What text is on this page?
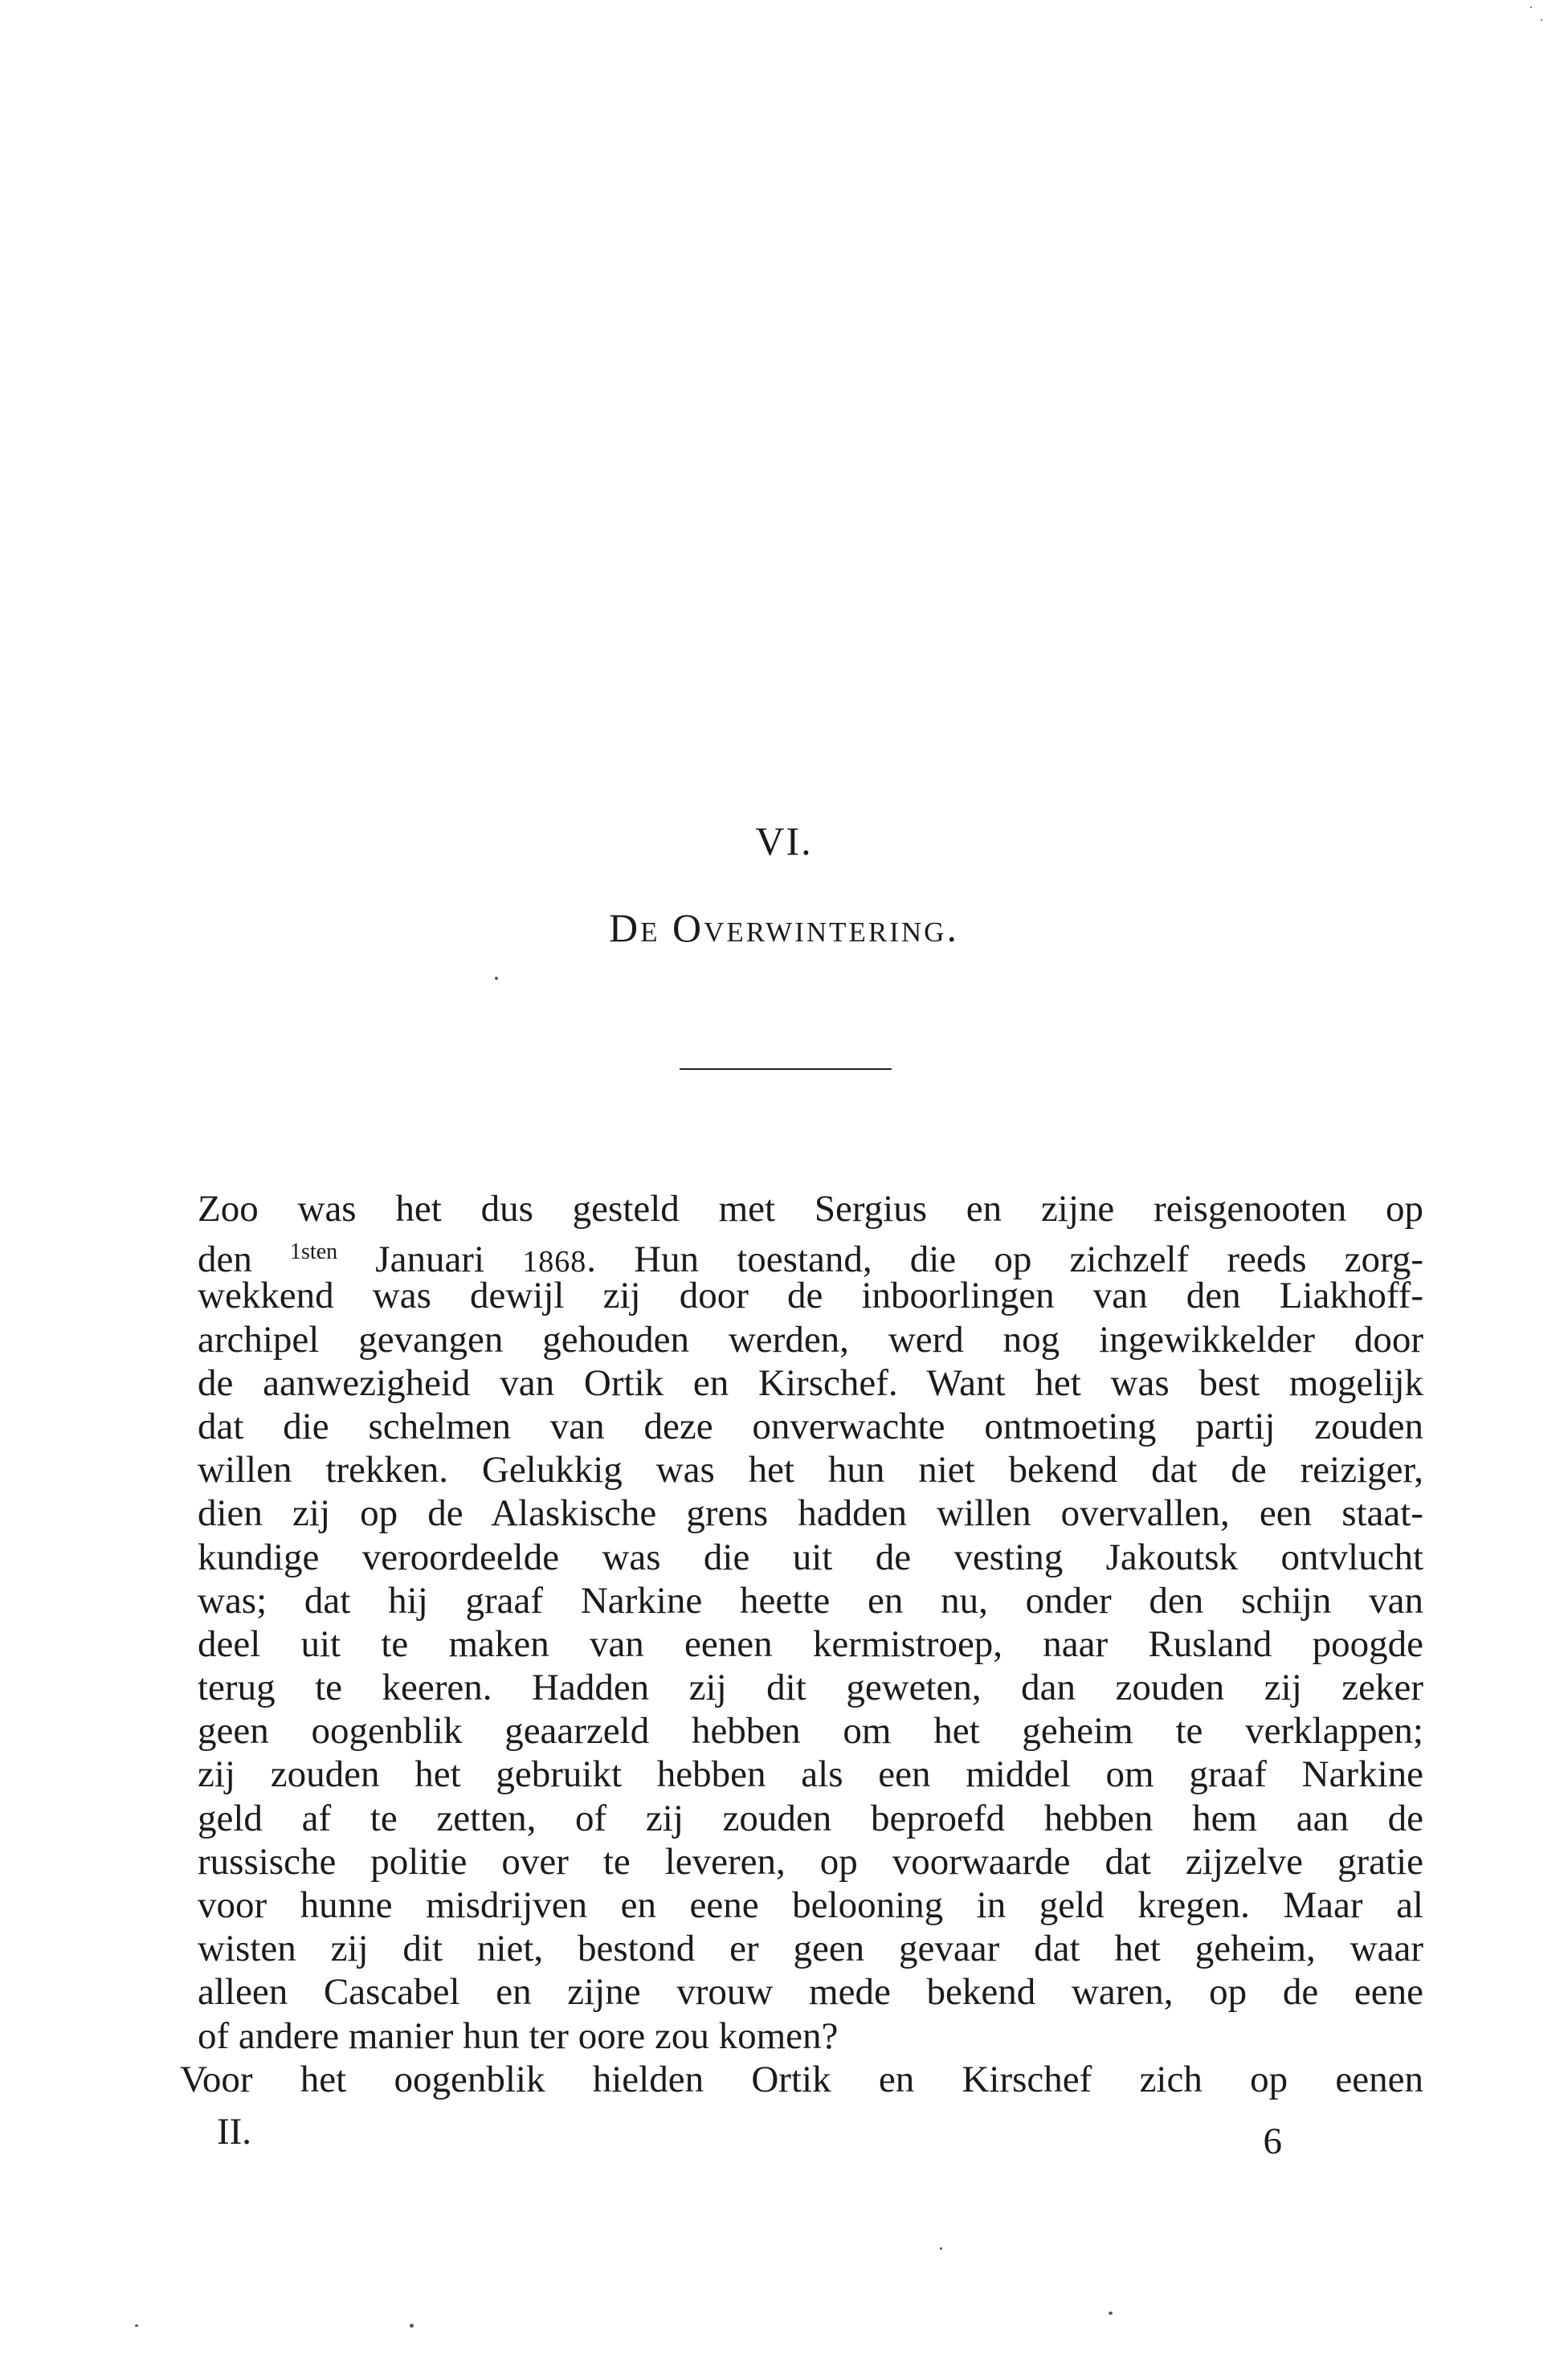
VI.
De Overwintering.
Zoo was het dus gesteld met Sergius en zijne reisgenooten op
den $^{1sten}$ Januari 1868. Hun toestand, die op zichzelf reeds zorg-
wekkend was dewijl zij door de inboorlingen van den Liakhoff-
archipel gevangen gehouden werden, werd nog ingewikkelder door
de aanwezigheid van Ortik en Kirschef. Want het was best mogelijk
dat die schelmen van deze onverwachte ontmoeting partij zouden
willen trekken. Gelukkig was het hun niet bekend dat de reiziger,
dien zij op de Alaskische grens hadden willen overvallen, een staat-
kundige veroordeelde was die uit de vesting Jakoutsk ontvlucht
was; dat hij graaf Narkine heette en nu, onder den schijn van
deel uit te maken van eenen kermistroep, naar Rusland poogde
terug te keeren. Hadden zij dit geweten, dan zouden zij zeker
geen oogenblik geaarzeld hebben om het geheim te verklappen;
zij zouden het gebruikt hebben als een middel om graaf Narkine
geld af te zetten, of zij zouden beproefd hebben hem aan de
russische politie over te leveren, op voorwaarde dat zijzelve gratie
voor hunne misdrijven en eene belooning in geld kregen. Maar al
wisten zij dit niet, bestond er geen gevaar dat het geheim, waar
alleen Cascabel en zijne vrouw mede bekend waren, op de eene
of andere manier hun ter oore zou komen?
Voor het oogenblik hielden Ortik en Kirschef zich op eenen
II.	6
